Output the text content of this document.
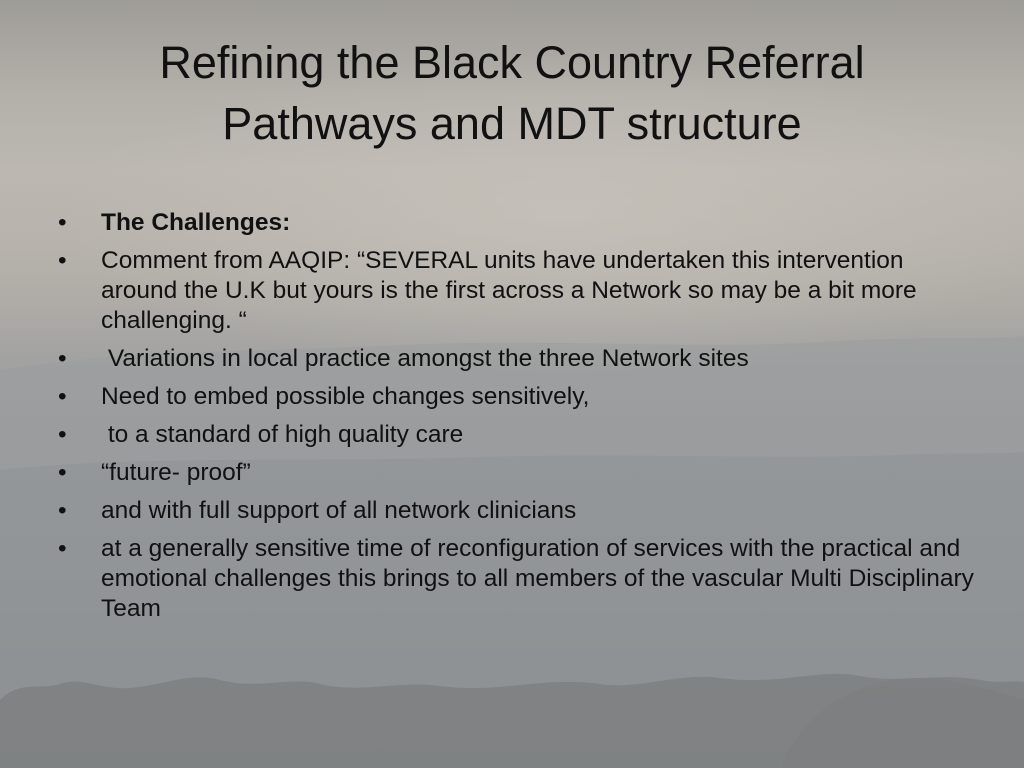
Refining the Black Country Referral
Pathways and MDT structure
•	The Challenges:
•	Comment from AAQIP: “SEVERAL units have undertaken this intervention around the U.K but yours is the first across a Network so may be a bit more challenging. “
•	Variations in local practice amongst the three Network sites
•	Need to embed possible changes sensitively,
•	to a standard of high quality care
•	“future- proof”
•	and with full support of all network clinicians
•	at a generally sensitive time of reconfiguration of services with the practical and emotional challenges this brings to all members of the vascular Multi Disciplinary Team
